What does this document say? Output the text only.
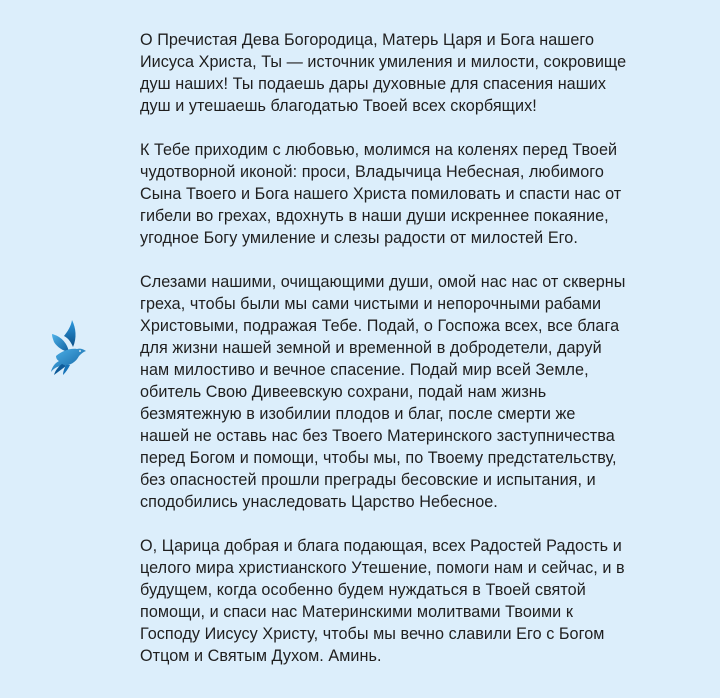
О Пречистая Дева Богородица, Матерь Царя и Бога нашего
Иисуса Христа, Ты — источник умиления и милости, сокровище
душ наших! Ты подаешь дары духовные для спасения наших
душ и утешаешь благодатью Твоей всех скорбящих!

К Тебе приходим с любовью, молимся на коленях перед Твоей
чудотворной иконой: проси, Владычица Небесная, любимого
Сына Твоего и Бога нашего Христа помиловать и спасти нас от
гибели во грехах, вдохнуть в наши души искреннее покаяние,
угодное Богу умиление и слезы радости от милостей Его.

Слезами нашими, очищающими души, омой нас нас от скверны
греха, чтобы были мы сами чистыми и непорочными рабами
Христовыми, подражая Тебе. Подай, о Госпожа всех, все блага
для жизни нашей земной и временной в добродетели, даруй
нам милостиво и вечное спасение. Подай мир всей Земле,
обитель Свою Дивеевскую сохрани, подай нам жизнь
безмятежную в изобилии плодов и благ, после смерти же
нашей не оставь нас без Твоего Материнского заступничества
перед Богом и помощи, чтобы мы, по Твоему предстательству,
без опасностей прошли преграды бесовские и испытания, и
сподобились унаследовать Царство Небесное.

О, Царица добрая и блага подающая, всех Радостей Радость и
целого мира христианского Утешение, помоги нам и сейчас, и в
будущем, когда особенно будем нуждаться в Твоей святой
помощи, и спаси нас Материнскими молитвами Твоими к
Господу Иисусу Христу, чтобы мы вечно славили Его с Богом
Отцом и Святым Духом. Аминь.
